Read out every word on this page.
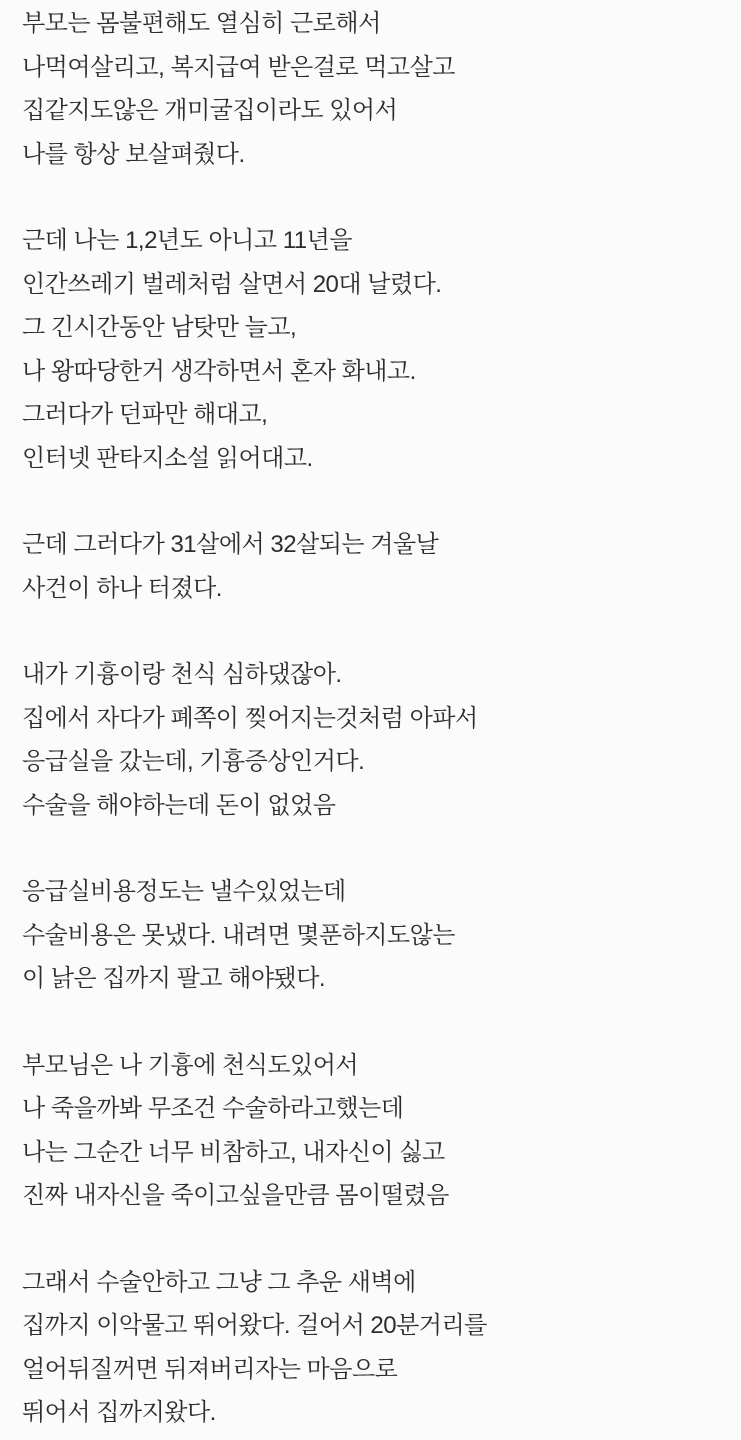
부모는 몸불편해도 열심히 근로해서

나먹여살리고, 복지급여 받은걸로 먹고살고

집같지도않은 개미굴집이라도 있어서

나를 항상 보살펴줬다.

근데 나는 1,2년도 아니고 11년을

인간쓰레기 벌레처럼 살면서 20대 날렸다.

그 긴시간동안 남탓만 늘고,

나 왕따당한거 생각하면서 혼자 화내고.

그러다가 던파만 해대고,

인터넷 판타지소설 읽어대고.

근데 그러다가 31살에서 32살되는 겨울날

사건이 하나 터졌다.

내가 기흉이랑 천식 심하댔잖아.

집에서 자다가 폐쪽이 찢어지는것처럼 아파서

응급실을 갔는데, 기흉증상인거다.

수술을 해야하는데 돈이 없었음

응급실비용정도는 낼수있었는데

수술비용은 못냈다. 내려면 몇푼하지도않는

이 낡은 집까지 팔고 해야됐다.

부모님은 나 기흉에 천식도있어서

나 죽을까봐 무조건 수술하라고했는데

나는 그순간 너무 비참하고, 내자신이 싫고

진짜 내자신을 죽이고싶을만큼 몸이떨렸음

그래서 수술안하고 그냥 그 추운 새벽에

집까지 이악물고 뛰어왔다. 걸어서 20분거리를

얼어뒤질꺼면 뒤져버리자는 마음으로

뛰어서 집까지왔다.
